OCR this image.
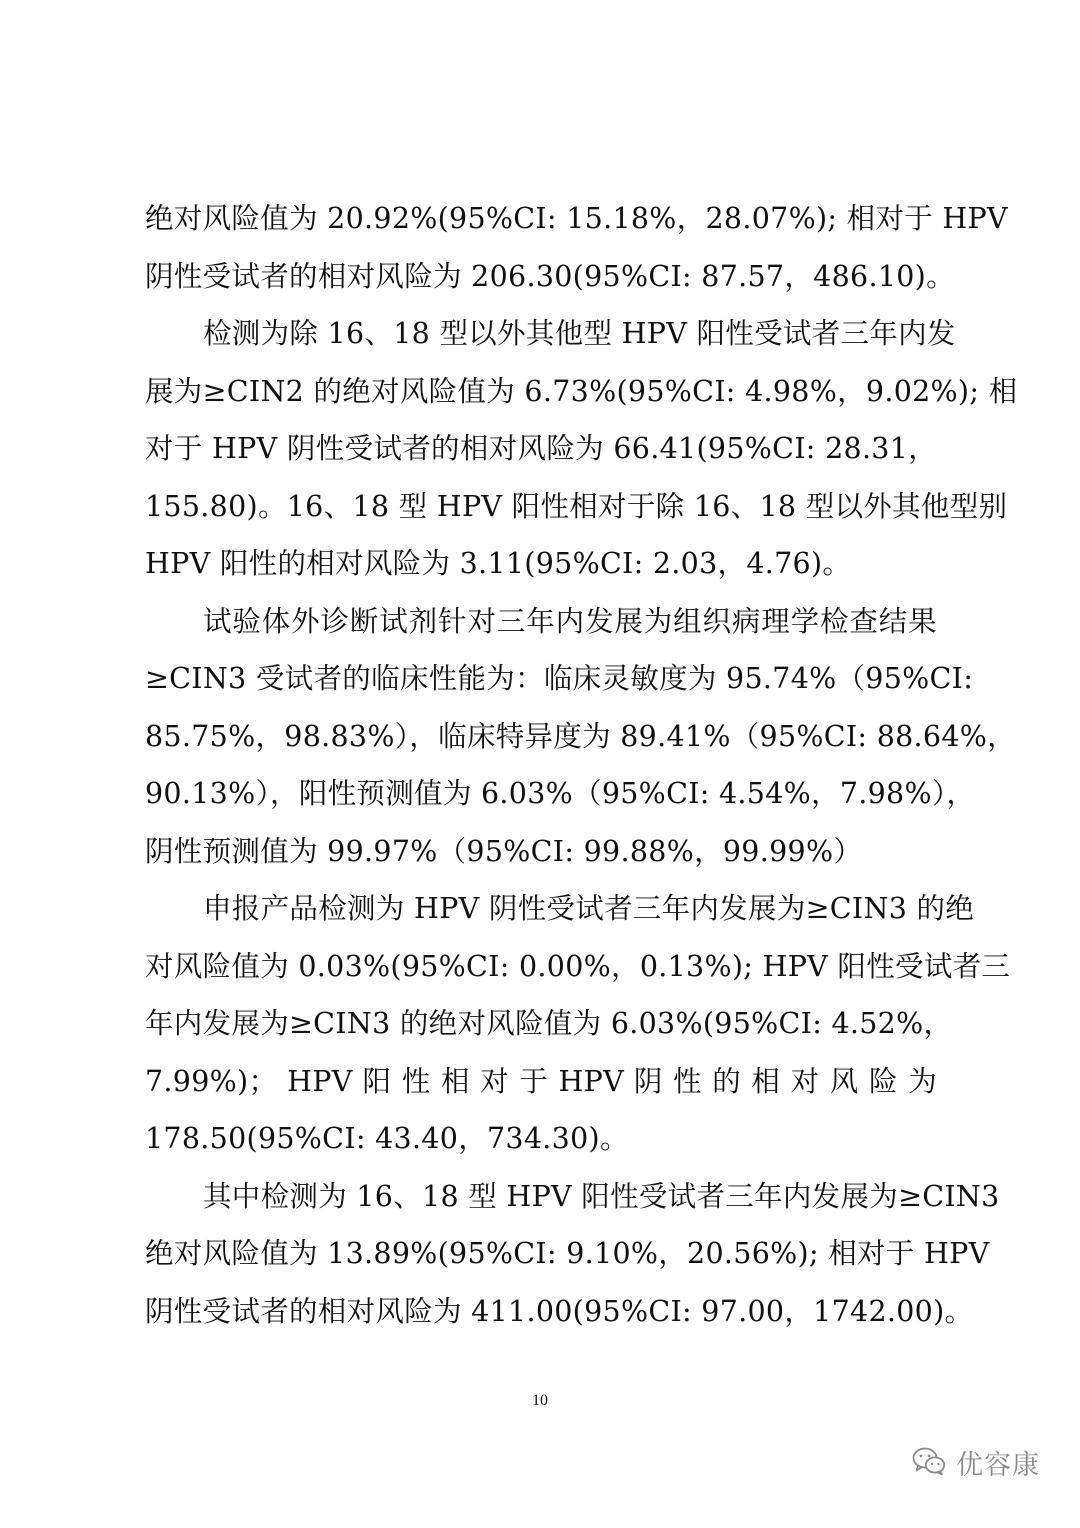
绝对风险值为 20.92%(95%CI: 15.18%，28.07%); 相对于 HPV
阴性受试者的相对风险为 206.30(95%CI: 87.57，486.10)。

检测为除 16、18 型以外其他型 HPV 阳性受试者三年内发
展为≥CIN2 的绝对风险值为 6.73%(95%CI: 4.98%，9.02%); 相
对于 HPV 阴性受试者的相对风险为 66.41(95%CI: 28.31，
155.80)。16、18 型 HPV 阳性相对于除 16、18 型以外其他型别
HPV 阳性的相对风险为 3.11(95%CI: 2.03，4.76)。

试验体外诊断试剂针对三年内发展为组织病理学检查结果
≥CIN3 受试者的临床性能为：临床灵敏度为 95.74%（95%CI:
85.75%，98.83%），临床特异度为 89.41%（95%CI: 88.64%，
90.13%），阳性预测值为 6.03%（95%CI: 4.54%，7.98%），
阴性预测值为 99.97%（95%CI: 99.88%，99.99%）

申报产品检测为 HPV 阴性受试者三年内发展为≥CIN3 的绝
对风险值为 0.03%(95%CI: 0.00%，0.13%); HPV 阳性受试者三
年内发展为≥CIN3 的绝对风险值为 6.03%(95%CI: 4.52%，
7.99%)； HPV 阳 性 相 对 于 HPV 阴 性 的 相 对 风 险 为
178.50(95%CI: 43.40，734.30)。

其中检测为 16、18 型 HPV 阳性受试者三年内发展为≥CIN3
绝对风险值为 13.89%(95%CI: 9.10%，20.56%); 相对于 HPV
阴性受试者的相对风险为 411.00(95%CI: 97.00，1742.00)。

10
优容康
